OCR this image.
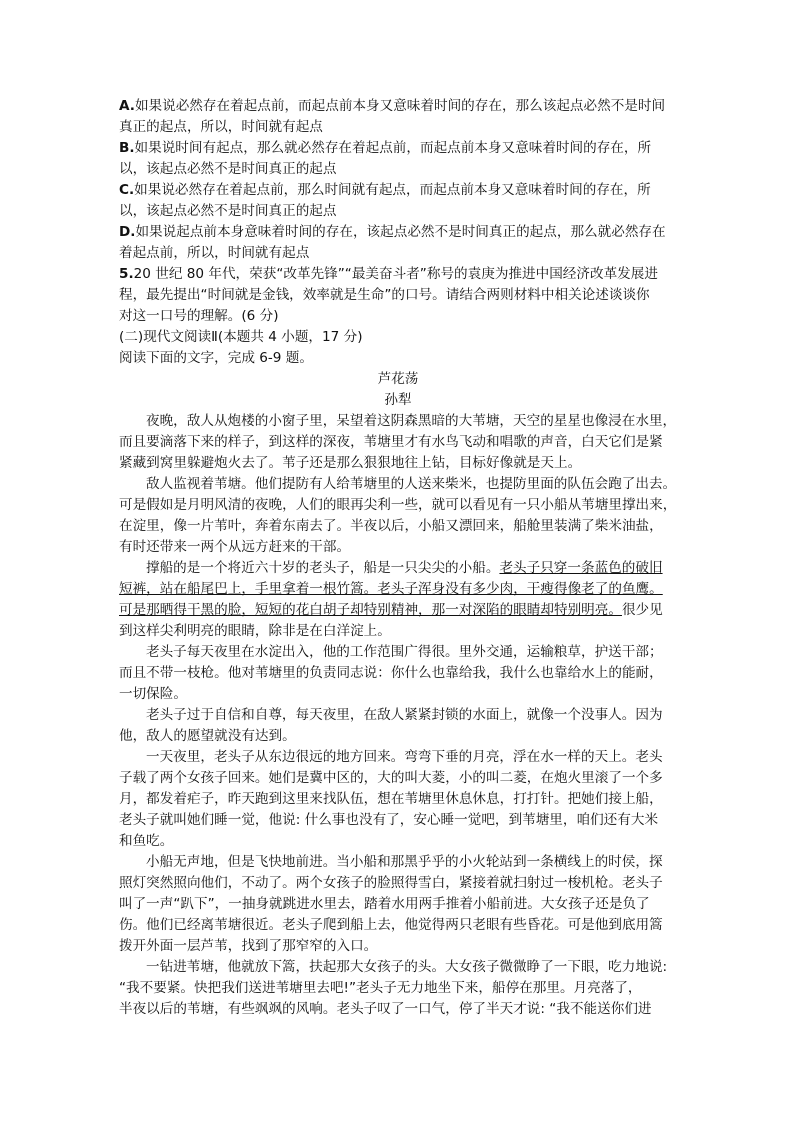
A.如果说必然存在着起点前，而起点前本身又意味着时间的存在，那么该起点必然不是时间真正的起点，所以，时间就有起点
B.如果说时间有起点，那么就必然存在着起点前，而起点前本身又意味着时间的存在，所以，该起点必然不是时间真正的起点
C.如果说必然存在着起点前，那么时间就有起点，而起点前本身又意味着时间的存在，所以，该起点必然不是时间真正的起点
D.如果说起点前本身意味着时间的存在，该起点必然不是时间真正的起点，那么就必然存在着起点前，所以，时间就有起点
5.20 世纪 80 年代，荣获“改革先锋”“最美奋斗者”称号的袁庚为推进中国经济改革发展进
程，最先提出“时间就是金钱，效率就是生命”的口号。请结合两则材料中相关论述谈谈你
对这一口号的理解。(6 分)
(二)现代文阅读Ⅱ(本题共 4 小题，17 分)
阅读下面的文字，完成 6-9 题。
芦花荡
孙犁
夜晚，敌人从炮楼的小窗子里，呆望着这阴森黑暗的大苇塘，天空的星星也像浸在水里，
而且要滴落下来的样子，到这样的深夜，苇塘里才有水鸟飞动和唱歌的声音，白天它们是紧
紧藏到窝里躲避炮火去了。苇子还是那么狠狠地往上钻，目标好像就是天上。
敌人监视着苇塘。他们提防有人给苇塘里的人送来柴米，也提防里面的队伍会跑了出去。
可是假如是月明风清的夜晚，人们的眼再尖利一些，就可以看见有一只小船从苇塘里撑出来，
在淀里，像一片苇叶，奔着东南去了。半夜以后，小船又漂回来，船舱里装满了柴米油盐，
有时还带来一两个从远方赶来的干部。
撑船的是一个将近六十岁的老头子，船是一只尖尖的小船。老头子只穿一条蓝色的破旧
短裤，站在船尾巴上，手里拿着一根竹篙。老头子浑身没有多少肉，干瘦得像老了的鱼鹰。
可是那晒得干黑的脸，短短的花白胡子却特别精神，那一对深陷的眼睛却特别明亮。很少见
到这样尖利明亮的眼睛，除非是在白洋淀上。
老头子每天夜里在水淀出入，他的工作范围广得很。里外交通，运输粮草，护送干部；
而且不带一枝枪。他对苇塘里的负责同志说：你什么也靠给我，我什么也靠给水上的能耐，
一切保险。
老头子过于自信和自尊，每天夜里，在敌人紧紧封锁的水面上，就像一个没事人。因为
他，敌人的愿望就没有达到。
一天夜里，老头子从东边很远的地方回来。弯弯下垂的月亮，浮在水一样的天上。老头
子载了两个女孩子回来。她们是冀中区的，大的叫大菱，小的叫二菱，在炮火里滚了一个多
月，都发着疟子，昨天跑到这里来找队伍，想在苇塘里休息休息，打打针。把她们接上船，
老头子就叫她们睡一觉，他说: 什么事也没有了，安心睡一觉吧，到苇塘里，咱们还有大米
和鱼吃。
小船无声地，但是飞快地前进。当小船和那黑乎乎的小火轮站到一条横线上的时侯，探
照灯突然照向他们，不动了。两个女孩子的脸照得雪白，紧接着就扫射过一梭机枪。老头子
叫了一声“趴下”，一抽身就跳进水里去，踏着水用两手推着小船前进。大女孩子还是负了
伤。他们已经离苇塘很近。老头子爬到船上去，他觉得两只老眼有些昏花。可是他到底用篙
拨开外面一层芦苇，找到了那窄窄的入口。
一钻进苇塘，他就放下篙，扶起那大女孩子的头。大女孩子微微睁了一下眼，吃力地说:
“我不要紧。快把我们送进苇塘里去吧!”老头子无力地坐下来，船停在那里。月亮落了，
半夜以后的苇塘，有些飒飒的风响。老头子叹了一口气，停了半天才说: “我不能送你们进
